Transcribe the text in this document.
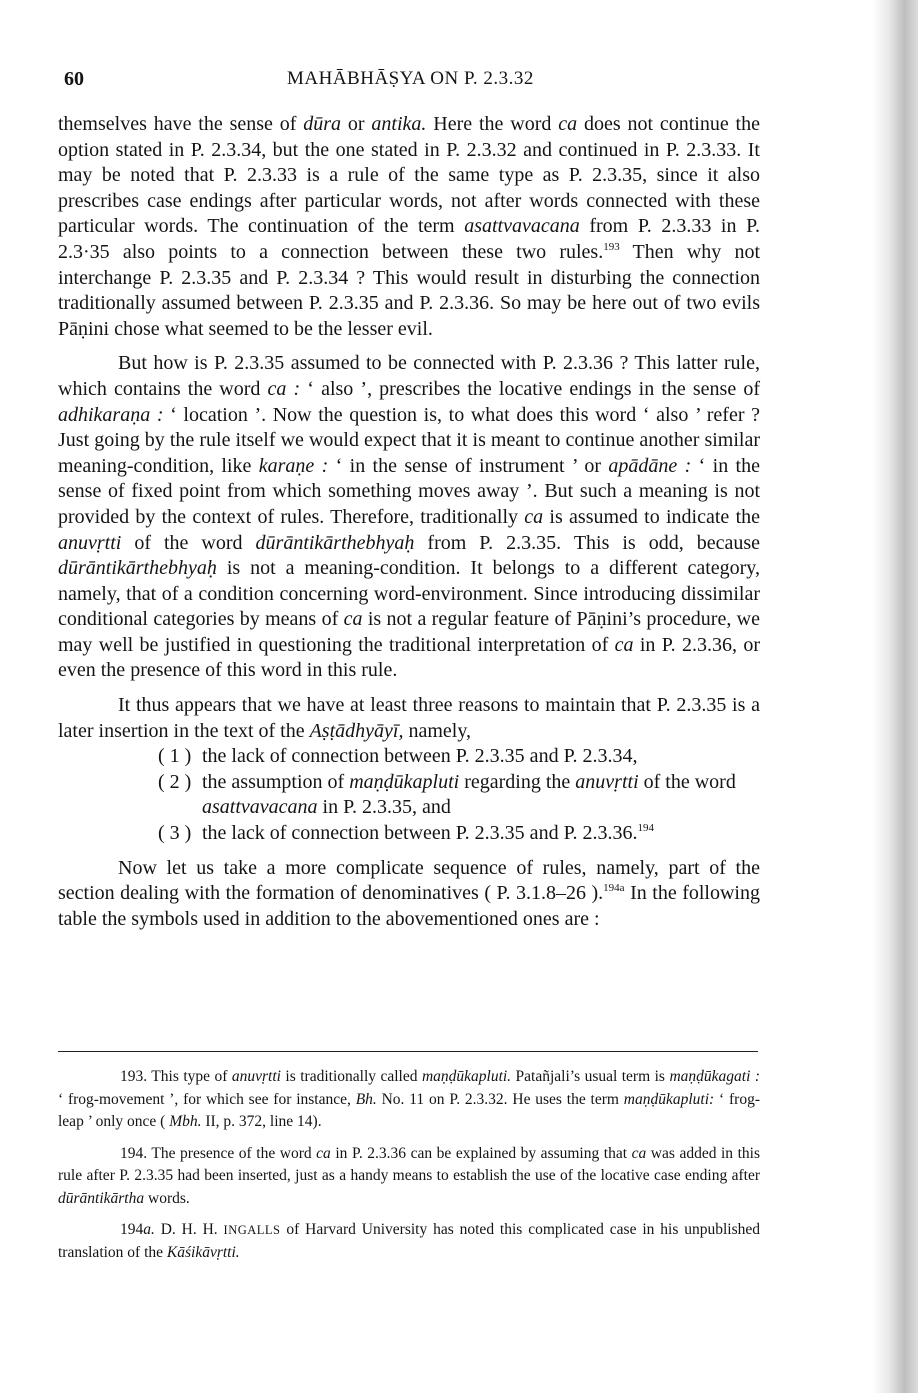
60	MAHĀBHĀṢYA ON P. 2.3.32

themselves have the sense of dūra or antika. Here the word ca does not continue the option stated in P. 2.3.34, but the one stated in P. 2.3.32 and continued in P. 2.3.33. It may be noted that P. 2.3.33 is a rule of the same type as P. 2.3.35, since it also prescribes case endings after particular words, not after words connected with these particular words. The continuation of the term asattvavacana from P. 2.3.33 in P. 2.3·35 also points to a connection between these two rules.$^{193}$ Then why not interchange P. 2.3.35 and P. 2.3.34 ? This would result in disturbing the connection traditionally assumed between P. 2.3.35 and P. 2.3.36. So may be here out of two evils Pāṇini chose what seemed to be the lesser evil.

But how is P. 2.3.35 assumed to be connected with P. 2.3.36 ? This latter rule, which contains the word ca : ‘ also ’, prescribes the locative endings in the sense of adhikaraṇa : ‘ location ’. Now the question is, to what does this word ‘ also ’ refer ? Just going by the rule itself we would expect that it is meant to continue another similar meaning-condition, like karaṇe : ‘ in the sense of instrument ’ or apādāne : ‘ in the sense of fixed point from which something moves away ’. But such a meaning is not provided by the context of rules. Therefore, traditionally ca is assumed to indicate the anuvṛtti of the word dūrāntikārthebhyaḥ from P. 2.3.35. This is odd, because dūrāntikārthebhyaḥ is not a meaning-condition. It belongs to a different category, namely, that of a condition concerning word-environment. Since introducing dissimilar conditional categories by means of ca is not a regular feature of Pāṇini’s procedure, we may well be justified in questioning the traditional interpretation of ca in P. 2.3.36, or even the presence of this word in this rule.

It thus appears that we have at least three reasons to maintain that P. 2.3.35 is a later insertion in the text of the Aṣṭādhyāyī, namely,

( 1 ) the lack of connection between P. 2.3.35 and P. 2.3.34,
( 2 ) the assumption of maṇḍūkapluti regarding the anuvṛtti of the word asattvavacana in P. 2.3.35, and
( 3 ) the lack of connection between P. 2.3.35 and P. 2.3.36.$^{194}$

Now let us take a more complicate sequence of rules, namely, part of the section dealing with the formation of denominatives ( P. 3.1.8–26 ).$^{194a}$ In the following table the symbols used in addition to the abovementioned ones are :

193. This type of anuvṛtti is traditionally called maṇḍūkapluti. Patañjali’s usual term is maṇḍūkagati : ‘ frog-movement ’, for which see for instance, Bh. No. 11 on P. 2.3.32. He uses the term maṇḍūkapluti: ‘ frog-leap ’ only once ( Mbh. II, p. 372, line 14).

194. The presence of the word ca in P. 2.3.36 can be explained by assuming that ca was added in this rule after P. 2.3.35 had been inserted, just as a handy means to establish the use of the locative case ending after dūrāntikārtha words.

194a. D. H. H. INGALLS of Harvard University has noted this complicated case in his unpublished translation of the Kāśikāvṛtti.
